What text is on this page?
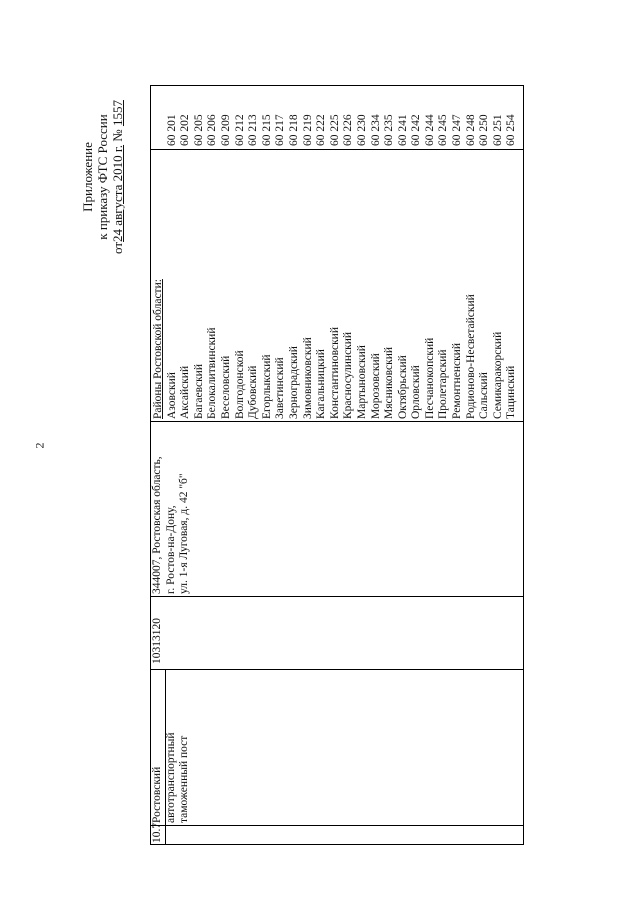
2
Приложение к приказу ФТС России
от24 августа 2010 г. № 1557
10.7
Ростовский автотранспортный таможенный пост
10313120
344007, Ростовская область, г. Ростов-на-Дону, ул. 1-я Луговая, д. 42 "б"
Районы Ростовской области: Азовский Аксайский Багаевский Белокалитвинский Веселовский Волгодонской Дубовский Егорлыкский Заветинский Зерноградский Зимовниковский Кагальницкий Константиновский Красносулинский Мартыновский Морозовский Мясниковский Октябрьский Орловский Песчанокопский Пролетарский Ремонтненский Родионово-Несветайский Сальский Семикаракорский Тацинский
60 201 60 202 60 205 60 206 60 209 60 212 60 213 60 215 60 217 60 218 60 219 60 222 60 225 60 226 60 230 60 234 60 235 60 241 60 242 60 244 60 245 60 247 60 248 60 250 60 251 60 254
